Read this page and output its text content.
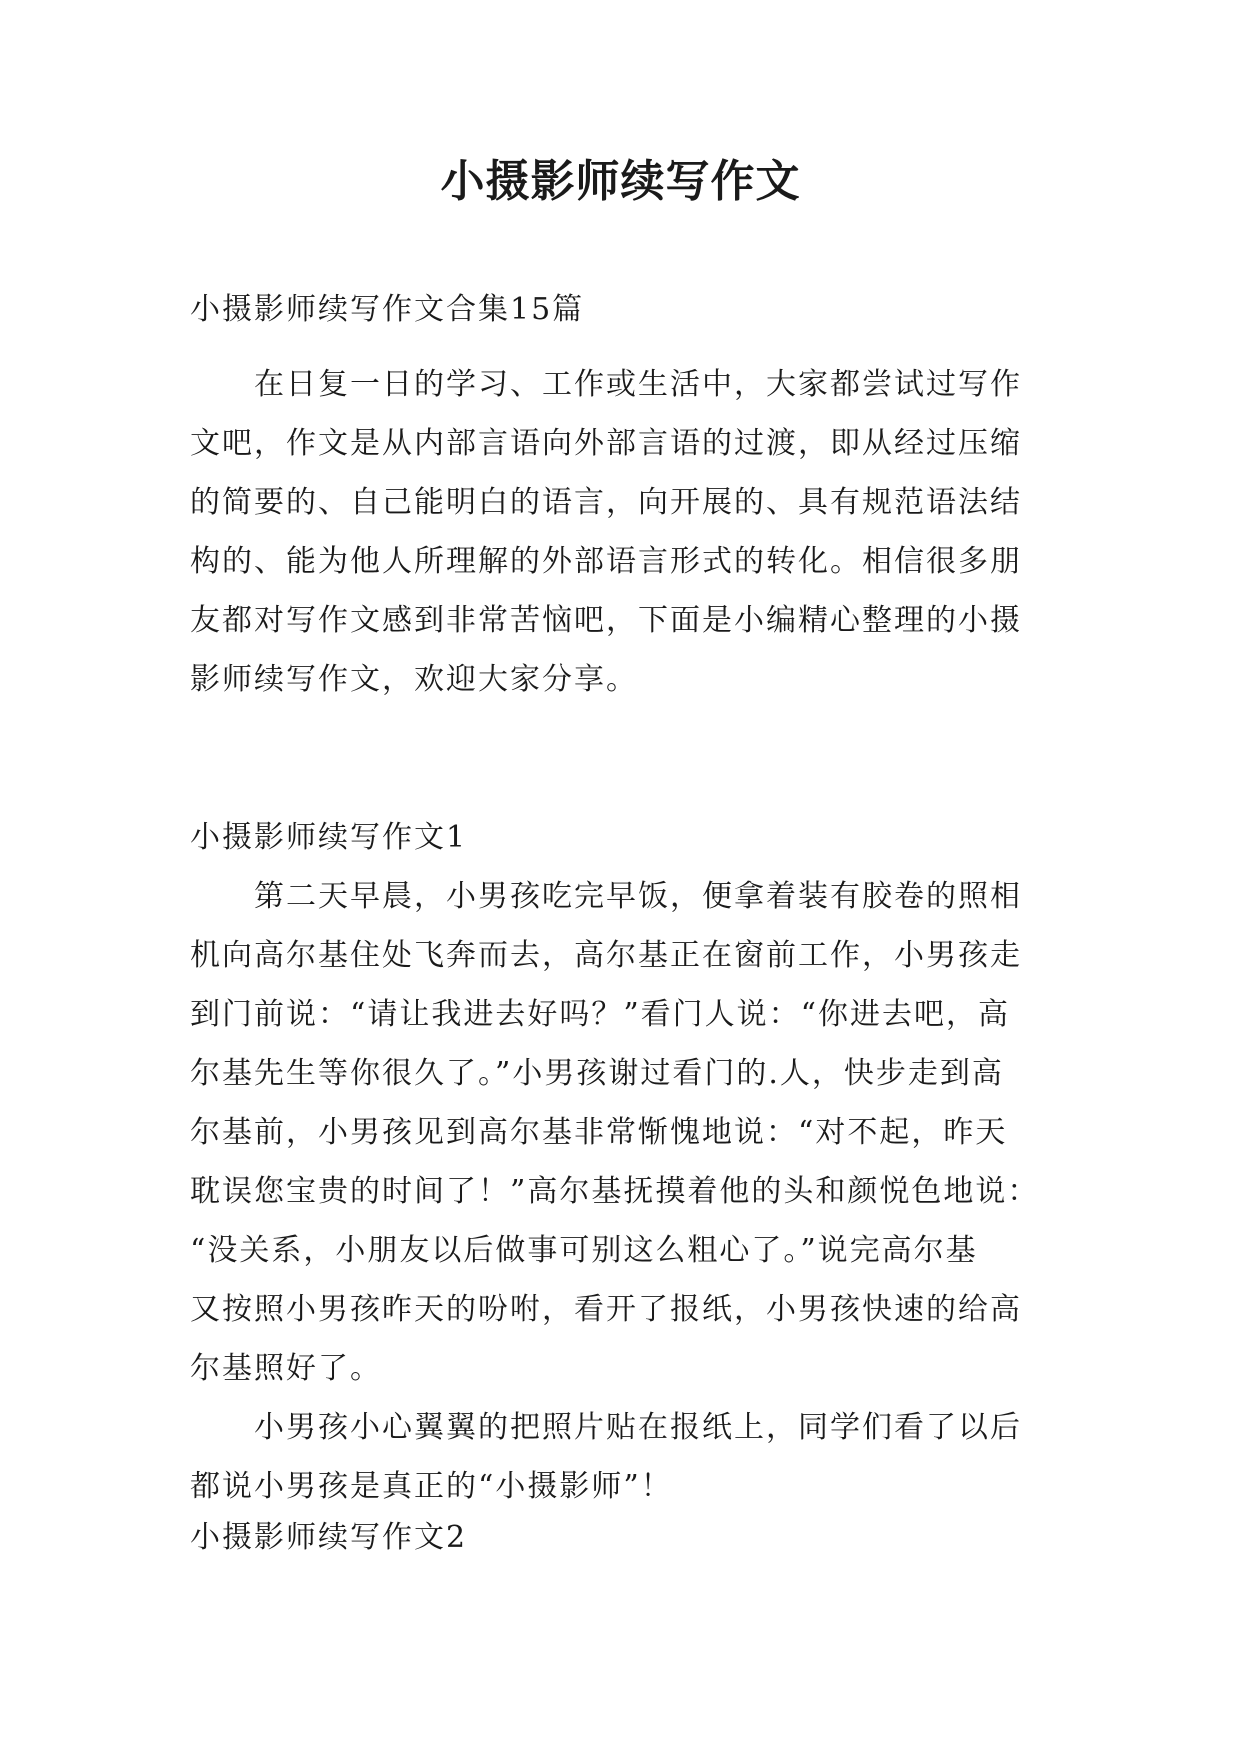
小摄影师续写作文

小摄影师续写作文合集15篇

　　在日复一日的学习、工作或生活中，大家都尝试过写作
文吧，作文是从内部言语向外部言语的过渡，即从经过压缩
的简要的、自己能明白的语言，向开展的、具有规范语法结
构的、能为他人所理解的外部语言形式的转化。相信很多朋
友都对写作文感到非常苦恼吧，下面是小编精心整理的小摄
影师续写作文，欢迎大家分享。

小摄影师续写作文1

　　第二天早晨，小男孩吃完早饭，便拿着装有胶卷的照相
机向高尔基住处飞奔而去，高尔基正在窗前工作，小男孩走
到门前说：“请让我进去好吗？”看门人说：“你进去吧，高
尔基先生等你很久了。”小男孩谢过看门的.人，快步走到高
尔基前，小男孩见到高尔基非常惭愧地说：“对不起，昨天
耽误您宝贵的时间了！”高尔基抚摸着他的头和颜悦色地说：
“没关系，小朋友以后做事可别这么粗心了。”说完高尔基
又按照小男孩昨天的吩咐，看开了报纸，小男孩快速的给高
尔基照好了。
　　小男孩小心翼翼的把照片贴在报纸上，同学们看了以后
都说小男孩是真正的“小摄影师”！

小摄影师续写作文2
